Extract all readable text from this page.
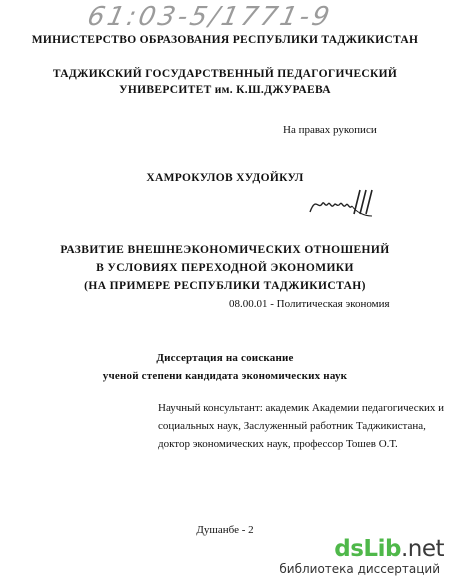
61:03-5/1771-9
МИНИСТЕРСТВО ОБРАЗОВАНИЯ РЕСПУБЛИКИ ТАДЖИКИСТАН
ТАДЖИКСКИЙ ГОСУДАРСТВЕННЫЙ ПЕДАГОГИЧЕСКИЙ
УНИВЕРСИТЕТ им. К.Ш.ДЖУРАЕВА
На правах рукописи
ХАМРОКУЛОВ ХУДОЙКУЛ
РАЗВИТИЕ ВНЕШНЕЭКОНОМИЧЕСКИХ ОТНОШЕНИЙ
В УСЛОВИЯХ ПЕРЕХОДНОЙ ЭКОНОМИКИ
(НА ПРИМЕРЕ РЕСПУБЛИКИ ТАДЖИКИСТАН)
08.00.01 - Политическая экономия
Диссертация на соискание
ученой степени кандидата экономических наук
Научный консультант: академик Академии педагогических и
социальных наук, Заслуженный работник Таджикистана,
доктор экономических наук, профессор Тошев О.Т.
Душанбе - 2
dsLib.net
библиотека диссертаций
